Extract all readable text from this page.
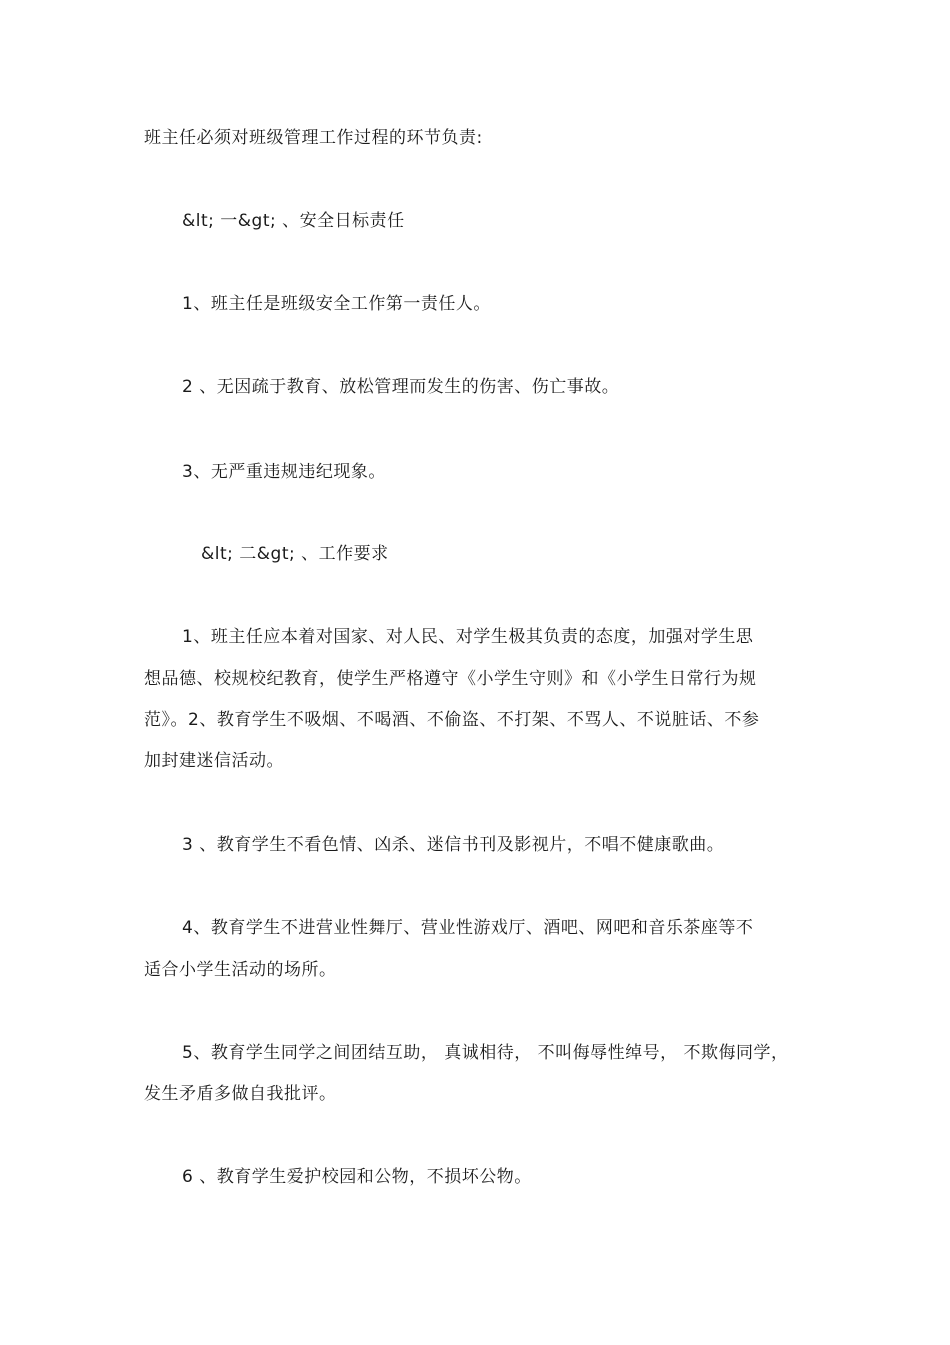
班主任必须对班级管理工作过程的环节负责:
&lt; 一&gt; 、安全日标责任
1、班主任是班级安全工作第一责任人。
2 、无因疏于教育、放松管理而发生的伤害、伤亡事故。
3、无严重违规违纪现象。
&lt; 二&gt; 、工作要求
1、班主任应本着对国家、对人民、对学生极其负责的态度，加强对学生思
想品德、校规校纪教育，使学生严格遵守《小学生守则》和《小学生日常行为规
范》。2、教育学生不吸烟、不喝酒、不偷盗、不打架、不骂人、不说脏话、不参
加封建迷信活动。
3 、教育学生不看色情、凶杀、迷信书刊及影视片，不唱不健康歌曲。
4、教育学生不进营业性舞厅、营业性游戏厅、酒吧、网吧和音乐茶座等不
适合小学生活动的场所。
5、教育学生同学之间团结互助， 真诚相待， 不叫侮辱性绰号， 不欺侮同学，
发生矛盾多做自我批评。
6 、教育学生爱护校园和公物，不损坏公物。
